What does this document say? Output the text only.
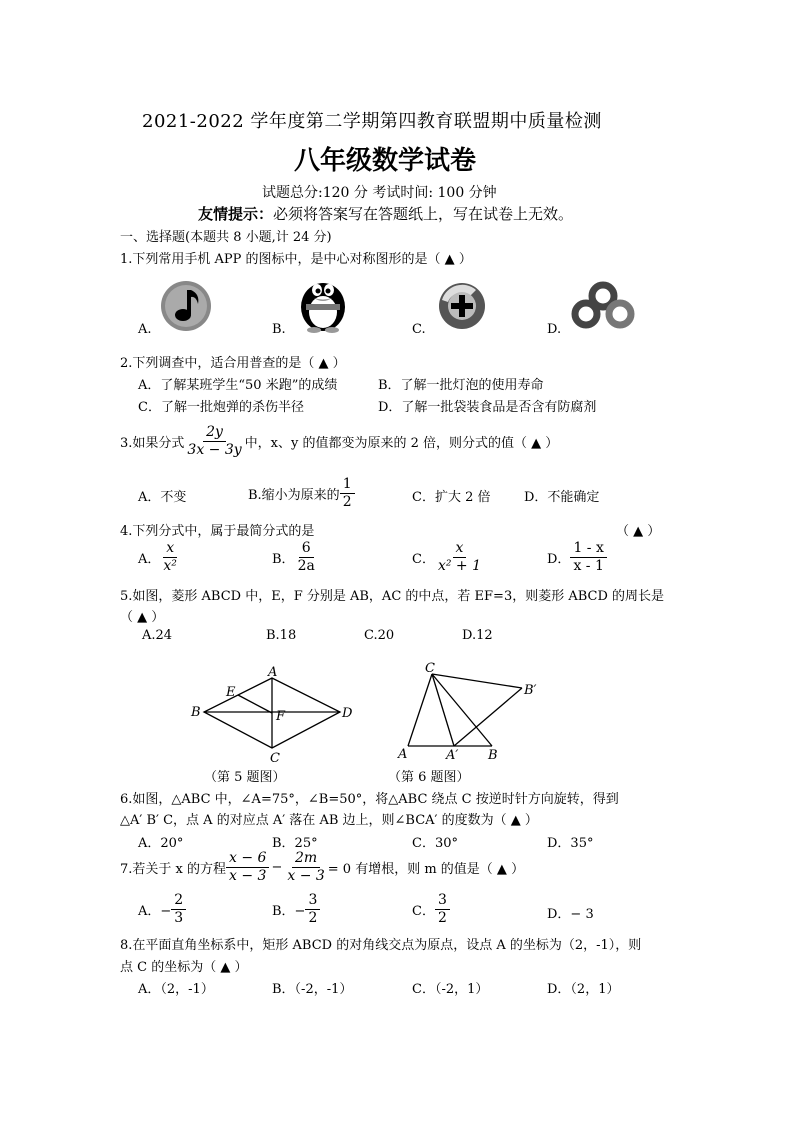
2021-2022 学年度第二学期第四教育联盟期中质量检测
八年级数学试卷
试题总分:120 分 考试时间: 100 分钟
友情提示：必须将答案写在答题纸上，写在试卷上无效。
一、选择题(本题共 8 小题,计 24 分)
1.下列常用手机 APP 的图标中，是中心对称图形的是（ ▲ ）
A.	B.	C.	D.
2.下列调查中，适合用普查的是（ ▲ ）
A．了解某班学生“50 米跑”的成绩	B．了解一批灯泡的使用寿命
C．了解一批炮弹的杀伤半径	D．了解一批袋装食品是否含有防腐剂
3.如果分式 $\frac{2y}{3x - 3y}$ 中，x、y 的值都变为原来的 2 倍，则分式的值（ ▲ ）
A．不变	B.缩小为原来的 $\frac{1}{2}$	C．扩大 2 倍	D．不能确定
4.下列分式中，属于最简分式的是	（ ▲ ）
A． $\frac{x}{\text{x²}}$	B． $\frac{6}{2a}$	C． $\frac{x}{\text{x² + 1}}$	D． $\frac{1 - x}{x - 1}$
5.如图，菱形 ABCD 中，E，F 分别是 AB，AC 的中点，若 EF=3，则菱形 ABCD 的周长是
（ ▲ ）
A.24	B.18	C.20	D.12
A
B
C
D
E
F
（第 5 题图）
C
B′
A	A′ B
（第 6 题图）
6.如图，△ABC 中，∠A=75°，∠B=50°，将△ABC 绕点 C 按逆时针方向旋转，得到
△A′ B′ C，点 A 的对应点 A′ 落在 AB 边上，则∠BCA′ 的度数为（ ▲ ）
A．20°	B．25°	C．30°	D．35°
7.若关于 x 的方程 $\frac{x - 6}{x - 3} - \frac{2m}{x - 3} = 0$ 有增根，则 m 的值是（ ▲ ）
A．− $\frac{2}{3}$	B．− $\frac{3}{2}$	C． $\frac{3}{2}$	D．− 3
8.在平面直角坐标系中，矩形 ABCD 的对角线交点为原点，设点 A 的坐标为（2，-1），则
点 C 的坐标为（ ▲ ）
A．（2，-1）	B．（-2，-1）	C．（-2，1）	D．（2，1）
